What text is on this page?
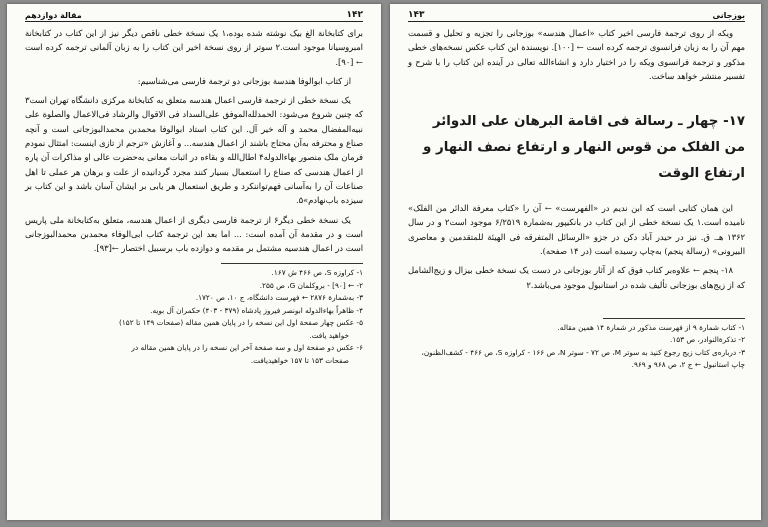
۱۴۲
مقالة دوازدهم

برای کتابخانة الغ بیک نوشته شده بوده،۱ یک نسخة خطی ناقص دیگر نیز از این کتاب در کتابخانة امبروسیانا موجود است.۲ سوتر از روی نسخة اخیر این کتاب را به زبان آلمانی ترجمه کرده است ← [۹۰].

از کتاب ابوالوفا هندسة بوزجانی دو ترجمة فارسی می‌شناسیم:

یک نسخة خطی از ترجمة فارسی اعمال هندسه متعلق به کتابخانة مرکزی دانشگاه تهران است۳ که چنین شروع می‌شود: الحمدلله‌الموفق علی‌السداد فی الاقوال والرشاد فی‌الاعمال والصلوة علی نبیه‌المفضال محمد و آله خیر آل. این کتاب استاد ابوالوفا محمدبن محمدالبوزجانی است و آنچه صناع و محترفه به‌آن محتاج باشند از اعمال هندسه... و آغازش «ترجم از تازی اینست: امتثال نمودم فرمان ملک منصور بهاءالدوله۴ اطال‌الله و بقاءه در اثبات معانی به‌حضرت عالی او مذاکرات آن پاره از اعمال هندسی که صناع را استعمال بسیار کنند مجرد گردانیده از علت و برهان هر عملی تا اهل صناعات آن را به‌آسانی فهم‌تواننکرد و طریق استعمال هر یابی بر ایشان آسان باشد و این کتاب بر سیزده باب‌نهادم»۵.

یک نسخة خطی دیگر۶ از ترجمة فارسی دیگری از اعمال هندسه، متعلق به‌کتابخانة ملی پاریس است و در مقدمة آن آمده است: ... اما بعد این ترجمة کتاب ابی‌الوفاء محمدبن محمدالبوزجانی است در اعمال هندسیه مشتمل بر مقدمه و دوازده باب برسبیل اختصار ←[۹۳].

۱- کراوزه S، ص ۴۶۶ ش ۱۶۷.

۲- ← [۹۰] - بروکلمان G، ص ۲۵۵.

۳- به‌شمارة ۲۸۷۶ ← فهرست دانشگاه، ج ۱۰، ص ۱۷۲۰.

۴- ظاهراً بهاءالدوله ابونصر فیروز پادشاه (۳۷۹ - ۴۰۳) حکمران آل بویه.

۵- عکس چهار صفحة اول این نسخه را در پایان همین مقاله (صفحات ۱۴۹ تا ۱۵۲)

خواهید یافت.

۶- عکس دو صفحة اول و سه صفحة آخر این نسخه را در پایان همین مقاله در

صفحات ۱۵۳ تا ۱۵۷ خواهیدیافت.

بوزجانی
۱۴۳

ویکه از روی ترجمة فارسی اخیر کتاب «اعمال هندسه» بوزجانی را تجزیه و تحلیل و قسمت مهم آن را به زبان فرانسوی ترجمه کرده است ← [۱۰۰]. نویسندة این کتاب عکس نسخه‌های خطی مذکور و ترجمة فرانسوی ویکه را در اختیار دارد و انشاءالله تعالی در آینده این کتاب را با شرح و تفسیر منتشر خواهد ساخت.

۱۷- چهار ـ رسالة فی اقامة البرهان علی الدوائر من الفلک من قوس النهار و ارتفاع نصف النهار و ارتفاع الوقت

این همان کتابی است که ابن ندیم در «الفهرست» ← آن را «کتاب معرفة الدائر من الفلک» نامیده است.۱ یک نسخة خطی از این کتاب در بانکیپور به‌شمارة ۶/۲۵۱۹ موجود است۲ و در سال ۱۳۶۲ هـ. ق. نیز در حیدر آباد دکن در جزو «الرسائل المتفرقه فی الهیئة للمتقدمین و معاصری البیرونی» (رسالة پنجم) به‌چاپ رسیده است (در ۱۴ صفحه).

۱۸- پنجم ← علاوه‌بر کتاب فوق که از آثار بوزجانی در دست یک نسخة خطی بیزال و زیج‌الشامل که از زیج‌های بوزجانی تألیف شده در استانبول موجود می‌باشد.۲

۱- کتاب شمارة ۹ از فهرست مذکور در شمارة ۱۴ همین مقاله.

۲- تذکرةالنوادر، ص ۱۵۳.

۳- درباره‌ی کتاب زیج رجوع کنید به سوتر M، ص ۷۲ - سوتر N، ص ۱۶۶ - کراوزه S، ص ۴۶۶ - کشف‌الظنون، چاپ استانبول ← ج ۲، ص ۹۶۸ و ۹۶۹.
